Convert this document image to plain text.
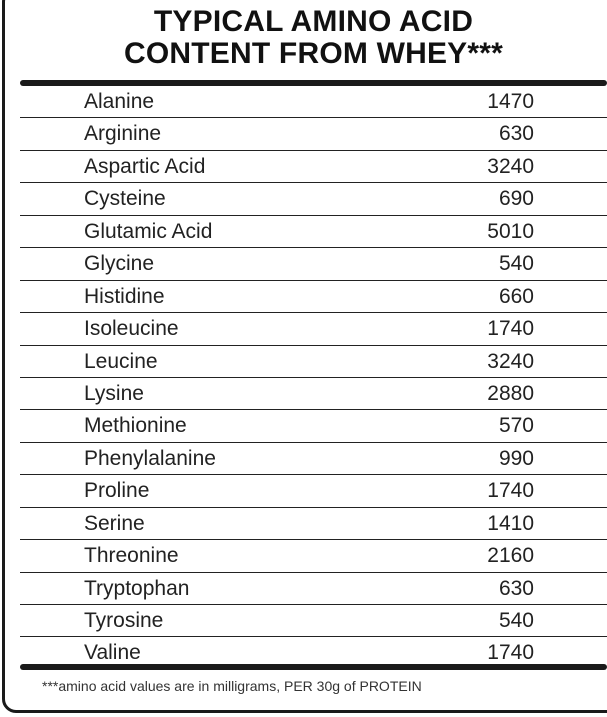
TYPICAL AMINO ACID
CONTENT FROM WHEY***
Alanine	1470
Arginine	630
Aspartic Acid	3240
Cysteine	690
Glutamic Acid	5010
Glycine	540
Histidine	660
Isoleucine	1740
Leucine	3240
Lysine	2880
Methionine	570
Phenylalanine	990
Proline	1740
Serine	1410
Threonine	2160
Tryptophan	630
Tyrosine	540
Valine	1740
***amino acid values are in milligrams, PER 30g of PROTEIN
